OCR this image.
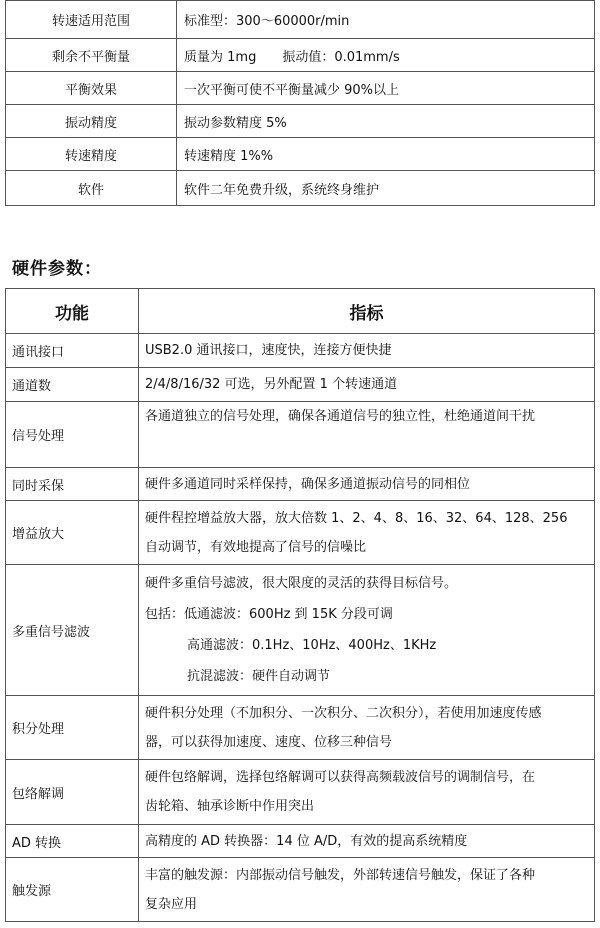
转速适用范围	标准型：300～60000r/min
剩余不平衡量	质量为 1mg　　振动值：0.01mm/s
平衡效果	一次平衡可使不平衡量减少 90%以上
振动精度	振动参数精度 5%
转速精度	转速精度 1%%
软件	软件二年免费升级，系统终身维护
硬件参数：
功能	指标
通讯接口	USB2.0 通讯接口，速度快，连接方便快捷
通道数	2/4/8/16/32 可选，另外配置 1 个转速通道
信号处理	各通道独立的信号处理，确保各通道信号的独立性，杜绝通道间干扰

同时采保	硬件多通道同时采样保持，确保多通道振动信号的同相位
增益放大	硬件程控增益放大器，放大倍数 1、2、4、8、16、32、64、128、256
自动调节，有效地提高了信号的信噪比

多重信号滤波	硬件多重信号滤波，很大限度的灵活的获得目标信号。
包括：低通滤波：600Hz 到 15K 分段可调
高通滤波：0.1Hz、10Hz、400Hz、1KHz
抗混滤波：硬件自动调节

积分处理	硬件积分处理（不加积分、一次积分、二次积分），若使用加速度传感
器，可以获得加速度、速度、位移三种信号

包络解调	硬件包络解调，选择包络解调可以获得高频载波信号的调制信号，在
齿轮箱、轴承诊断中作用突出

AD 转换	高精度的 AD 转换器：14 位 A/D，有效的提高系统精度
触发源	丰富的触发源：内部振动信号触发，外部转速信号触发，保证了各种
复杂应用
